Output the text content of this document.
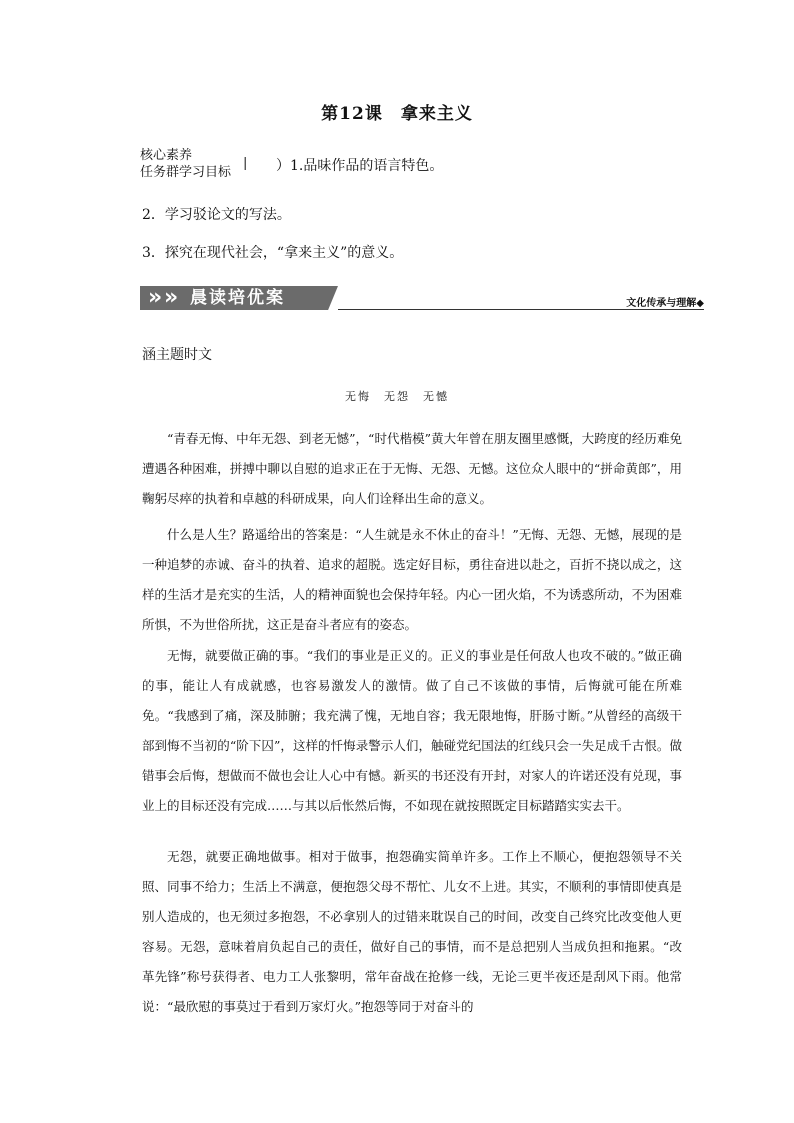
第12课　拿来主义
核心素养
任务群学习目标
| ）1.品味作品的语言特色。
2．学习驳论文的写法。
3．探究在现代社会，“拿来主义”的意义。
» » 晨读培优案	文化传承与理解◆
涵主题时文
无悔　无怨　无憾

“青春无悔、中年无怨、到老无憾”，“时代楷模”黄大年曾在朋友圈里感慨，大跨度的经历难免遭遇各种困难，拼搏中聊以自慰的追求正在于无悔、无怨、无憾。这位众人眼中的“拼命黄郎”，用鞠躬尽瘁的执着和卓越的科研成果，向人们诠释出生命的意义。

什么是人生？路遥给出的答案是：“人生就是永不休止的奋斗！”无悔、无怨、无憾，展现的是一种追梦的赤诚、奋斗的执着、追求的超脱。选定好目标，勇往奋进以赴之，百折不挠以成之，这样的生活才是充实的生活，人的精神面貌也会保持年轻。内心一团火焰，不为诱惑所动，不为困难所惧，不为世俗所扰，这正是奋斗者应有的姿态。

无悔，就要做正确的事。“我们的事业是正义的。正义的事业是任何敌人也攻不破的。”做正确的事，能让人有成就感，也容易激发人的激情。做了自己不该做的事情，后悔就可能在所难免。“我感到了痛，深及肺腑；我充满了愧，无地自容；我无限地悔，肝肠寸断。”从曾经的高级干部到悔不当初的“阶下囚”，这样的忏悔录警示人们，触碰党纪国法的红线只会一失足成千古恨。做错事会后悔，想做而不做也会让人心中有憾。新买的书还没有开封，对家人的许诺还没有兑现，事业上的目标还没有完成……与其以后怅然后悔，不如现在就按照既定目标踏踏实实去干。

无怨，就要正确地做事。相对于做事，抱怨确实简单许多。工作上不顺心，便抱怨领导不关照、同事不给力；生活上不满意，便抱怨父母不帮忙、儿女不上进。其实，不顺利的事情即使真是别人造成的，也无须过多抱怨，不必拿别人的过错来耽误自己的时间，改变自己终究比改变他人更容易。无怨，意味着肩负起自己的责任，做好自己的事情，而不是总把别人当成负担和拖累。“改革先锋”称号获得者、电力工人张黎明，常年奋战在抢修一线，无论三更半夜还是刮风下雨。他常说：“最欣慰的事莫过于看到万家灯火。”抱怨等同于对奋斗的
